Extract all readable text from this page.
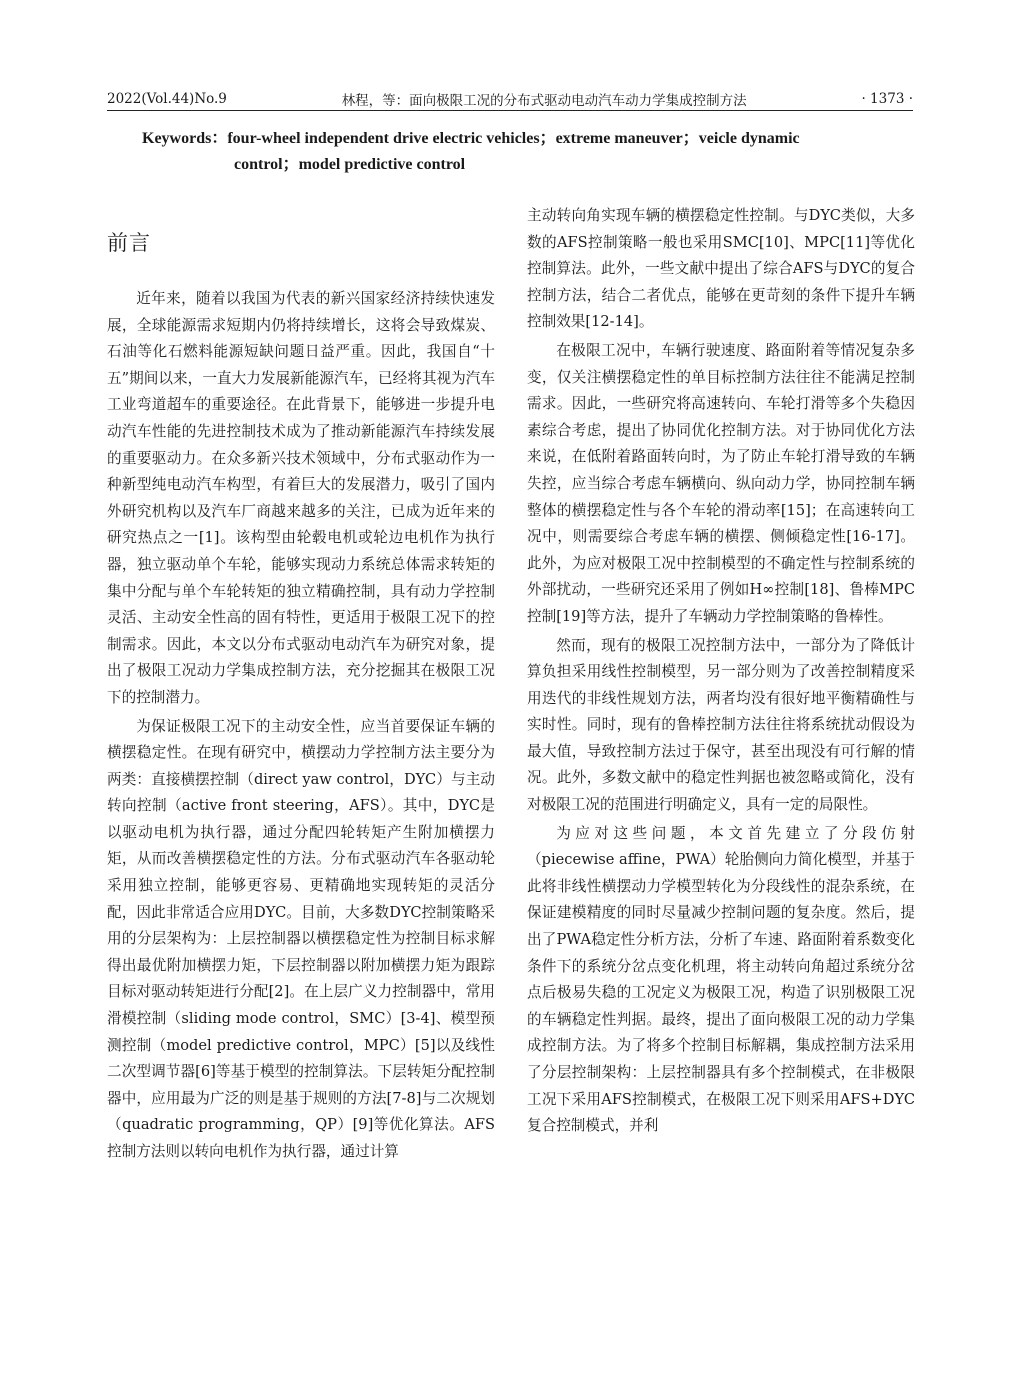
2022(Vol.44)No.9	林程，等：面向极限工况的分布式驱动电动汽车动力学集成控制方法	· 1373 ·
Keywords：four-wheel independent drive electric vehicles；extreme maneuver；veicle dynamic
control；model predictive control
前言

近年来，随着以我国为代表的新兴国家经济持续快速发展，全球能源需求短期内仍将持续增长，这将会导致煤炭、石油等化石燃料能源短缺问题日益严重。因此，我国自“十五”期间以来，一直大力发展新能源汽车，已经将其视为汽车工业弯道超车的重要途径。在此背景下，能够进一步提升电动汽车性能的先进控制技术成为了推动新能源汽车持续发展的重要驱动力。在众多新兴技术领域中，分布式驱动作为一种新型纯电动汽车构型，有着巨大的发展潜力，吸引了国内外研究机构以及汽车厂商越来越多的关注，已成为近年来的研究热点之一[1]。该构型由轮毂电机或轮边电机作为执行器，独立驱动单个车轮，能够实现动力系统总体需求转矩的集中分配与单个车轮转矩的独立精确控制，具有动力学控制灵活、主动安全性高的固有特性，更适用于极限工况下的控制需求。因此，本文以分布式驱动电动汽车为研究对象，提出了极限工况动力学集成控制方法，充分挖掘其在极限工况下的控制潜力。

为保证极限工况下的主动安全性，应当首要保证车辆的横摆稳定性。在现有研究中，横摆动力学控制方法主要分为两类：直接横摆控制（direct yaw control，DYC）与主动转向控制（active front steering，AFS）。其中，DYC是以驱动电机为执行器，通过分配四轮转矩产生附加横摆力矩，从而改善横摆稳定性的方法。分布式驱动汽车各驱动轮采用独立控制，能够更容易、更精确地实现转矩的灵活分配，因此非常适合应用DYC。目前，大多数DYC控制策略采用的分层架构为：上层控制器以横摆稳定性为控制目标求解得出最优附加横摆力矩，下层控制器以附加横摆力矩为跟踪目标对驱动转矩进行分配[2]。在上层广义力控制器中，常用滑模控制（sliding mode control，SMC）[3-4]、模型预测控制（model predictive control，MPC）[5]以及线性二次型调节器[6]等基于模型的控制算法。下层转矩分配控制器中，应用最为广泛的则是基于规则的方法[7-8]与二次规划（quadratic programming，QP）[9]等优化算法。AFS控制方法则以转向电机作为执行器，通过计算

主动转向角实现车辆的横摆稳定性控制。与DYC类似，大多数的AFS控制策略一般也采用SMC[10]、MPC[11]等优化控制算法。此外，一些文献中提出了综合AFS与DYC的复合控制方法，结合二者优点，能够在更苛刻的条件下提升车辆控制效果[12-14]。

在极限工况中，车辆行驶速度、路面附着等情况复杂多变，仅关注横摆稳定性的单目标控制方法往往不能满足控制需求。因此，一些研究将高速转向、车轮打滑等多个失稳因素综合考虑，提出了协同优化控制方法。对于协同优化方法来说，在低附着路面转向时，为了防止车轮打滑导致的车辆失控，应当综合考虑车辆横向、纵向动力学，协同控制车辆整体的横摆稳定性与各个车轮的滑动率[15]；在高速转向工况中，则需要综合考虑车辆的横摆、侧倾稳定性[16-17]。此外，为应对极限工况中控制模型的不确定性与控制系统的外部扰动，一些研究还采用了例如H∞控制[18]、鲁棒MPC控制[19]等方法，提升了车辆动力学控制策略的鲁棒性。

然而，现有的极限工况控制方法中，一部分为了降低计算负担采用线性控制模型，另一部分则为了改善控制精度采用迭代的非线性规划方法，两者均没有很好地平衡精确性与实时性。同时，现有的鲁棒控制方法往往将系统扰动假设为最大值，导致控制方法过于保守，甚至出现没有可行解的情况。此外，多数文献中的稳定性判据也被忽略或简化，没有对极限工况的范围进行明确定义，具有一定的局限性。

为应对这些问题，本文首先建立了分段仿射（piecewise affine，PWA）轮胎侧向力简化模型，并基于此将非线性横摆动力学模型转化为分段线性的混杂系统，在保证建模精度的同时尽量减少控制问题的复杂度。然后，提出了PWA稳定性分析方法，分析了车速、路面附着系数变化条件下的系统分岔点变化机理，将主动转向角超过系统分岔点后极易失稳的工况定义为极限工况，构造了识别极限工况的车辆稳定性判据。最终，提出了面向极限工况的动力学集成控制方法。为了将多个控制目标解耦，集成控制方法采用了分层控制架构：上层控制器具有多个控制模式，在非极限工况下采用AFS控制模式，在极限工况下则采用AFS+DYC复合控制模式，并利
